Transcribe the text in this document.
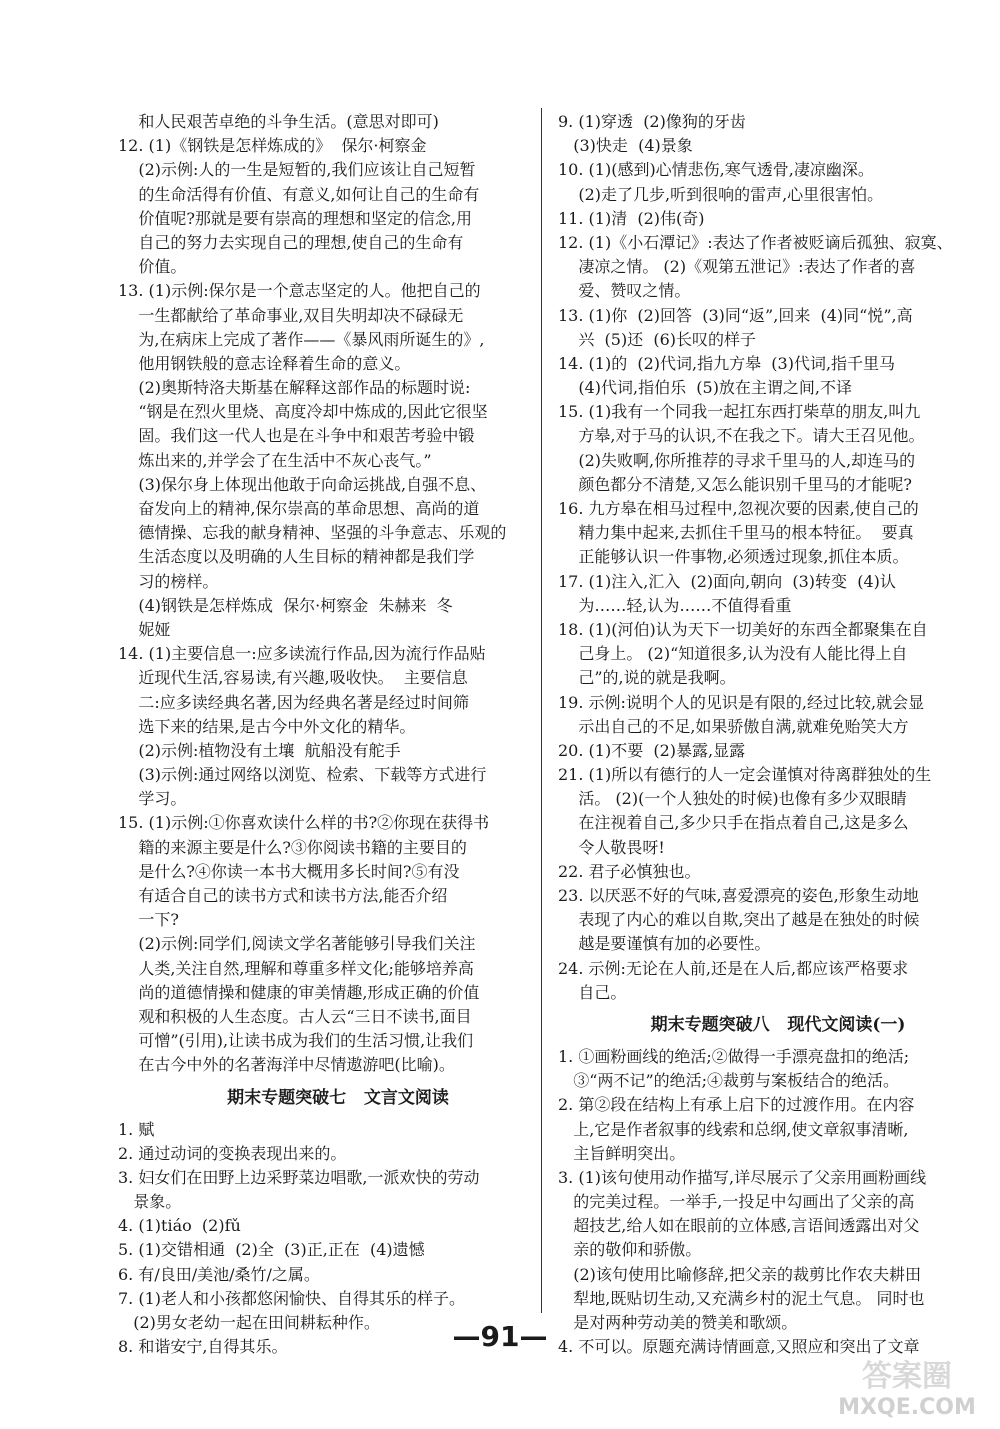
和人民艰苦卓绝的斗争生活。(意思对即可)
12. (1)《钢铁是怎样炼成的》  保尔·柯察金
(2)示例:人的一生是短暂的,我们应该让自己短暂
的生命活得有价值、有意义,如何让自己的生命有
价值呢?那就是要有崇高的理想和坚定的信念,用
自己的努力去实现自己的理想,使自己的生命有
价值。
13. (1)示例:保尔是一个意志坚定的人。他把自己的
一生都献给了革命事业,双目失明却决不碌碌无
为,在病床上完成了著作——《暴风雨所诞生的》,
他用钢铁般的意志诠释着生命的意义。
(2)奥斯特洛夫斯基在解释这部作品的标题时说:
“钢是在烈火里烧、高度冷却中炼成的,因此它很坚
固。我们这一代人也是在斗争中和艰苦考验中锻
炼出来的,并学会了在生活中不灰心丧气。”
(3)保尔身上体现出他敢于向命运挑战,自强不息、
奋发向上的精神,保尔崇高的革命思想、高尚的道
德情操、忘我的献身精神、坚强的斗争意志、乐观的
生活态度以及明确的人生目标的精神都是我们学
习的榜样。
(4)钢铁是怎样炼成  保尔·柯察金  朱赫来  冬
妮娅
14. (1)主要信息一:应多读流行作品,因为流行作品贴
近现代生活,容易读,有兴趣,吸收快。  主要信息
二:应多读经典名著,因为经典名著是经过时间筛
选下来的结果,是古今中外文化的精华。
(2)示例:植物没有土壤  航船没有舵手
(3)示例:通过网络以浏览、检索、下载等方式进行
学习。
15. (1)示例:①你喜欢读什么样的书?②你现在获得书
籍的来源主要是什么?③你阅读书籍的主要目的
是什么?④你读一本书大概用多长时间?⑤有没
有适合自己的读书方式和读书方法,能否介绍
一下?
(2)示例:同学们,阅读文学名著能够引导我们关注
人类,关注自然,理解和尊重多样文化;能够培养高
尚的道德情操和健康的审美情趣,形成正确的价值
观和积极的人生态度。古人云“三日不读书,面目
可憎”(引用),让读书成为我们的生活习惯,让我们
在古今中外的名著海洋中尽情遨游吧(比喻)。
期末专题突破七   文言文阅读
1. 赋
2. 通过动词的变换表现出来的。
3. 妇女们在田野上边采野菜边唱歌,一派欢快的劳动
景象。
4. (1)tiáo  (2)fǔ
5. (1)交错相通  (2)全  (3)正,正在  (4)遗憾
6. 有/良田/美池/桑竹/之属。
7. (1)老人和小孩都悠闲愉快、自得其乐的样子。
(2)男女老幼一起在田间耕耘种作。
8. 和谐安宁,自得其乐。
9. (1)穿透  (2)像狗的牙齿
(3)快走  (4)景象
10. (1)(感到)心情悲伤,寒气透骨,凄凉幽深。
(2)走了几步,听到很响的雷声,心里很害怕。
11. (1)清  (2)伟(奇)
12. (1)《小石潭记》:表达了作者被贬谪后孤独、寂寞、
凄凉之情。 (2)《观第五泄记》:表达了作者的喜
爱、赞叹之情。
13. (1)你  (2)回答  (3)同“返”,回来  (4)同“悦”,高
兴  (5)还  (6)长叹的样子
14. (1)的  (2)代词,指九方皋  (3)代词,指千里马
(4)代词,指伯乐  (5)放在主谓之间,不译
15. (1)我有一个同我一起扛东西打柴草的朋友,叫九
方皋,对于马的认识,不在我之下。请大王召见他。
(2)失败啊,你所推荐的寻求千里马的人,却连马的
颜色都分不清楚,又怎么能识别千里马的才能呢?
16. 九方皋在相马过程中,忽视次要的因素,使自己的
精力集中起来,去抓住千里马的根本特征。  要真
正能够认识一件事物,必须透过现象,抓住本质。
17. (1)注入,汇入  (2)面向,朝向  (3)转变  (4)认
为……轻,认为……不值得看重
18. (1)(河伯)认为天下一切美好的东西全都聚集在自
己身上。 (2)“知道很多,认为没有人能比得上自
己”的,说的就是我啊。
19. 示例:说明个人的见识是有限的,经过比较,就会显
示出自己的不足,如果骄傲自满,就难免贻笑大方
20. (1)不要  (2)暴露,显露
21. (1)所以有德行的人一定会谨慎对待离群独处的生
活。 (2)(一个人独处的时候)也像有多少双眼睛
在注视着自己,多少只手在指点着自己,这是多么
令人敬畏呀!
22. 君子必慎独也。
23. 以厌恶不好的气味,喜爱漂亮的姿色,形象生动地
表现了内心的难以自欺,突出了越是在独处的时候
越是要谨慎有加的必要性。
24. 示例:无论在人前,还是在人后,都应该严格要求
自己。
期末专题突破八   现代文阅读(一)
1. ①画粉画线的绝活;②做得一手漂亮盘扣的绝活;
③“两不记”的绝活;④裁剪与案板结合的绝活。
2. 第②段在结构上有承上启下的过渡作用。在内容
上,它是作者叙事的线索和总纲,使文章叙事清晰,
主旨鲜明突出。
3. (1)该句使用动作描写,详尽展示了父亲用画粉画线
的完美过程。一举手,一投足中勾画出了父亲的高
超技艺,给人如在眼前的立体感,言语间透露出对父
亲的敬仰和骄傲。
(2)该句使用比喻修辞,把父亲的裁剪比作农夫耕田
犁地,既贴切生动,又充满乡村的泥土气息。 同时也
是对两种劳动美的赞美和歌颂。
4. 不可以。原题充满诗情画意,又照应和突出了文章
—91—
答案圈
MXQE.COM
